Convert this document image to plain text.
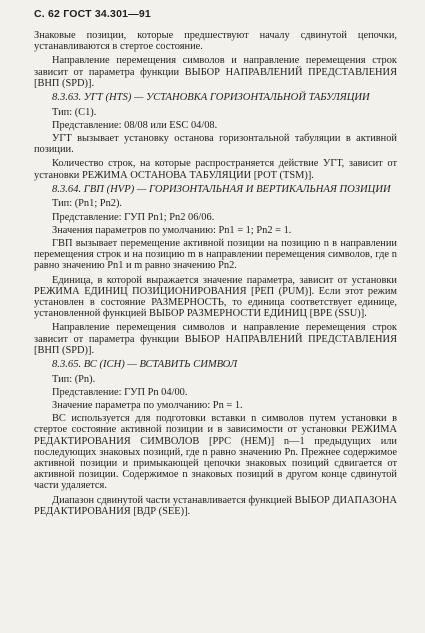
С. 62 ГОСТ 34.301—91
Знаковые позиции, которые предшествуют началу сдвинутой цепочки, устанавливаются в стертое состояние.
Направление перемещения символов и направление перемещения строк зависит от параметра функции ВЫБОР НАПРАВЛЕНИЙ ПРЕДСТАВЛЕНИЯ [ВНП (SPD)].
8.3.63. УГТ (HTS) — УСТАНОВКА ГОРИЗОНТАЛЬНОЙ ТАБУЛЯЦИИ
Тип: (C1).
Представление: 08/08 или ESC 04/08.
УГТ вызывает установку останова горизонтальной табуляции в активной позиции.
Количество строк, на которые распространяется действие УГТ, зависит от установки РЕЖИМА ОСТАНОВА ТАБУЛЯЦИИ [РОТ (TSM)].
8.3.64. ГВП (HVP) — ГОРИЗОНТАЛЬНАЯ И ВЕРТИКАЛЬНАЯ ПОЗИЦИИ
Тип: (Pn1; Pn2).
Представление: ГУП Pn1; Pn2 06/06.
Значения параметров по умолчанию: Pn1 = 1; Pn2 = 1.
ГВП вызывает перемещение активной позиции на позицию n в направлении перемещения строк и на позицию m в направлении перемещения символов, где n равно значению Pn1 и m равно значению Pn2.
Единица, в которой выражается значение параметра, зависит от установки РЕЖИМА ЕДИНИЦ ПОЗИЦИОНИРОВАНИЯ [РЕП (PUM)]. Если этот режим установлен в состояние РАЗМЕРНОСТЬ, то единица соответствует единице, установленной функцией ВЫБОР РАЗМЕРНОСТИ ЕДИНИЦ [ВРЕ (SSU)].
Направление перемещения символов и направление перемещения строк зависит от параметра функции ВЫБОР НАПРАВЛЕНИЙ ПРЕДСТАВЛЕНИЯ [ВНП (SPD)].
8.3.65. ВС (ICH) — ВСТАВИТЬ СИМВОЛ
Тип: (Pn).
Представление: ГУП Pn 04/00.
Значение параметра по умолчанию: Pn = 1.
ВС используется для подготовки вставки n символов путем установки в стертое состояние активной позиции и в зависимости от установки РЕЖИМА РЕДАКТИРОВАНИЯ СИМВОЛОВ [РРС (HEM)] n—1 предыдущих или последующих знаковых позиций, где n равно значению Pn. Прежнее содержимое активной позиции и примыкающей цепочки знаковых позиций сдвигается от активной позиции. Содержимое n знаковых позиций в другом конце сдвинутой части удаляется.
Диапазон сдвинутой части устанавливается функцией ВЫБОР ДИАПАЗОНА РЕДАКТИРОВАНИЯ [ВДР (SEE)].
